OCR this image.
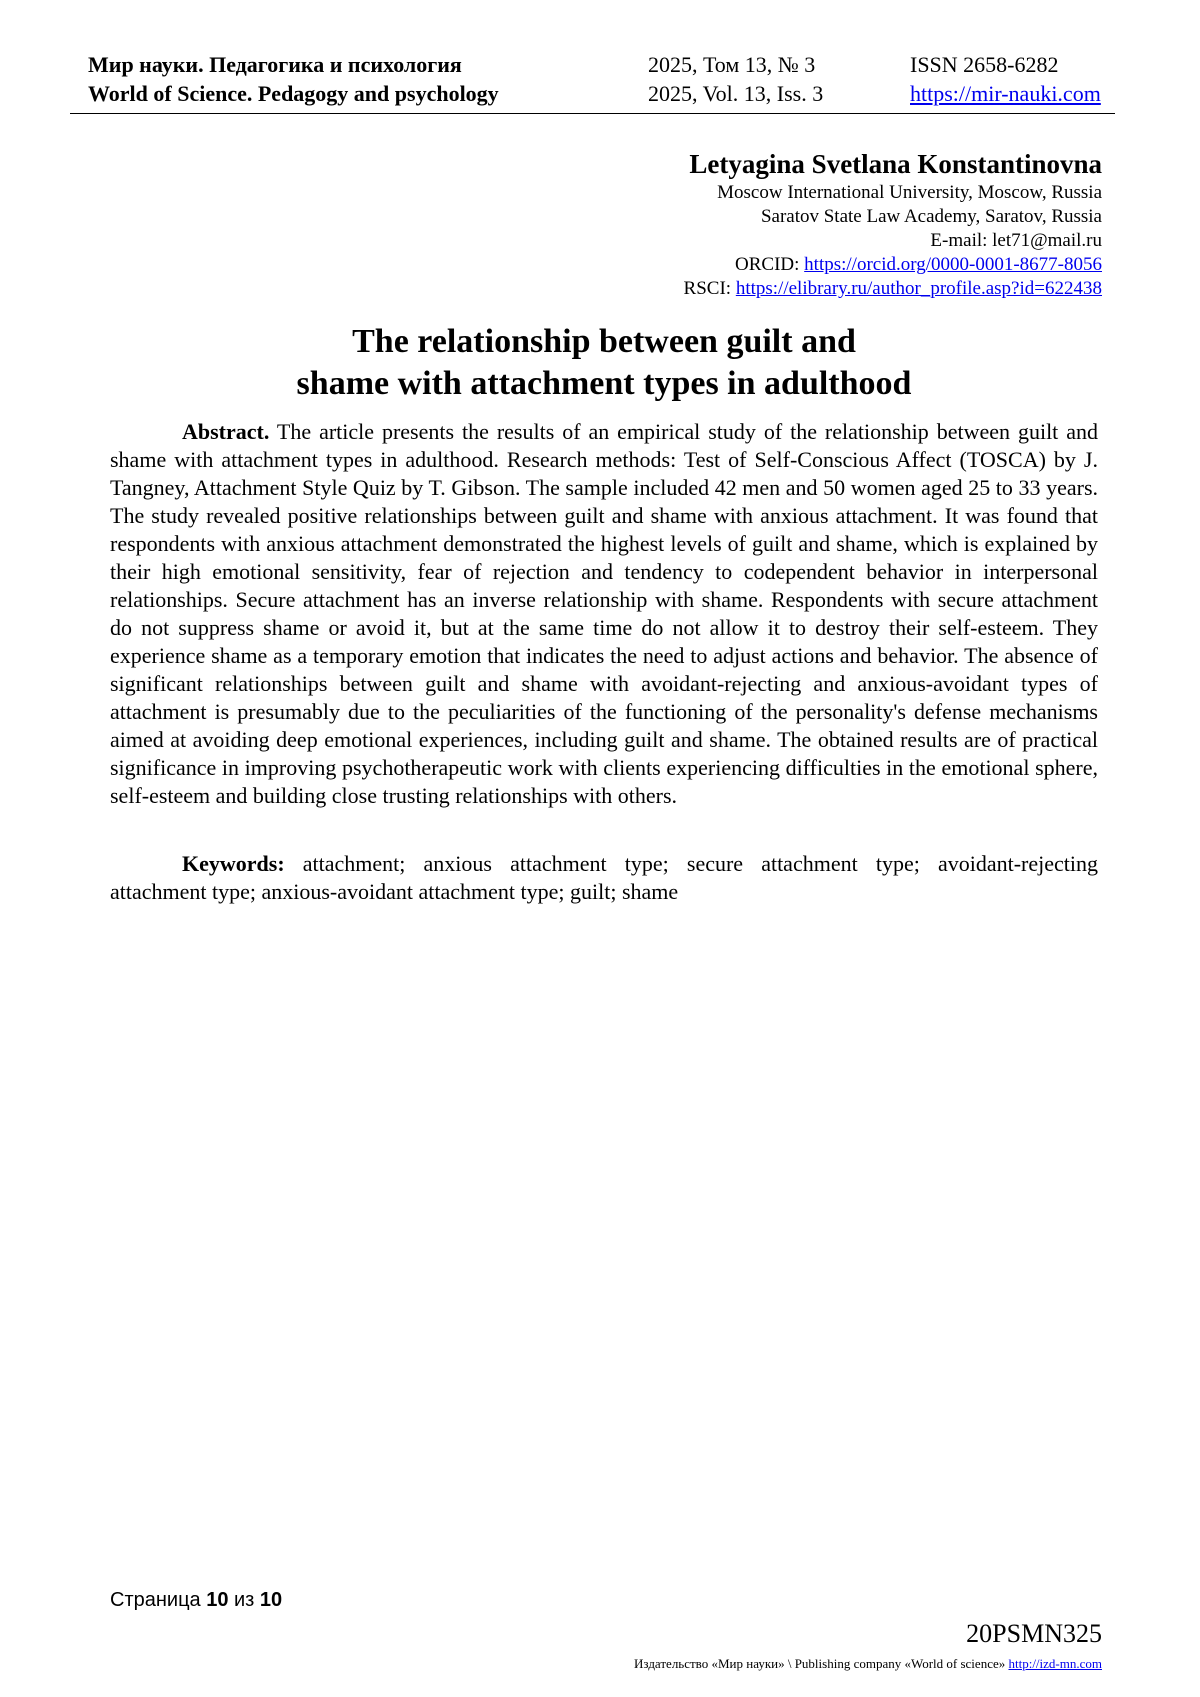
Мир науки. Педагогика и психология
World of Science. Pedagogy and psychology
2025, Том 13, № 3
2025, Vol. 13, Iss. 3
ISSN 2658-6282
https://mir-nauki.com
Letyagina Svetlana Konstantinovna
Moscow International University, Moscow, Russia
Saratov State Law Academy, Saratov, Russia
E-mail: let71@mail.ru
ORCID: https://orcid.org/0000-0001-8677-8056
RSCI: https://elibrary.ru/author_profile.asp?id=622438
The relationship between guilt and
shame with attachment types in adulthood
Abstract. The article presents the results of an empirical study of the relationship between guilt and shame with attachment types in adulthood. Research methods: Test of Self-Conscious Affect (TOSCA) by J. Tangney, Attachment Style Quiz by T. Gibson. The sample included 42 men and 50 women aged 25 to 33 years. The study revealed positive relationships between guilt and shame with anxious attachment. It was found that respondents with anxious attachment demonstrated the highest levels of guilt and shame, which is explained by their high emotional sensitivity, fear of rejection and tendency to codependent behavior in interpersonal relationships. Secure attachment has an inverse relationship with shame. Respondents with secure attachment do not suppress shame or avoid it, but at the same time do not allow it to destroy their self-esteem. They experience shame as a temporary emotion that indicates the need to adjust actions and behavior. The absence of significant relationships between guilt and shame with avoidant-rejecting and anxious-avoidant types of attachment is presumably due to the peculiarities of the functioning of the personality's defense mechanisms aimed at avoiding deep emotional experiences, including guilt and shame. The obtained results are of practical significance in improving psychotherapeutic work with clients experiencing difficulties in the emotional sphere, self-esteem and building close trusting relationships with others.
Keywords: attachment; anxious attachment type; secure attachment type; avoidant-rejecting attachment type; anxious-avoidant attachment type; guilt; shame
Страница 10 из 10
20PSMN325
Издательство «Мир науки» \ Publishing company «World of science» http://izd-mn.com
